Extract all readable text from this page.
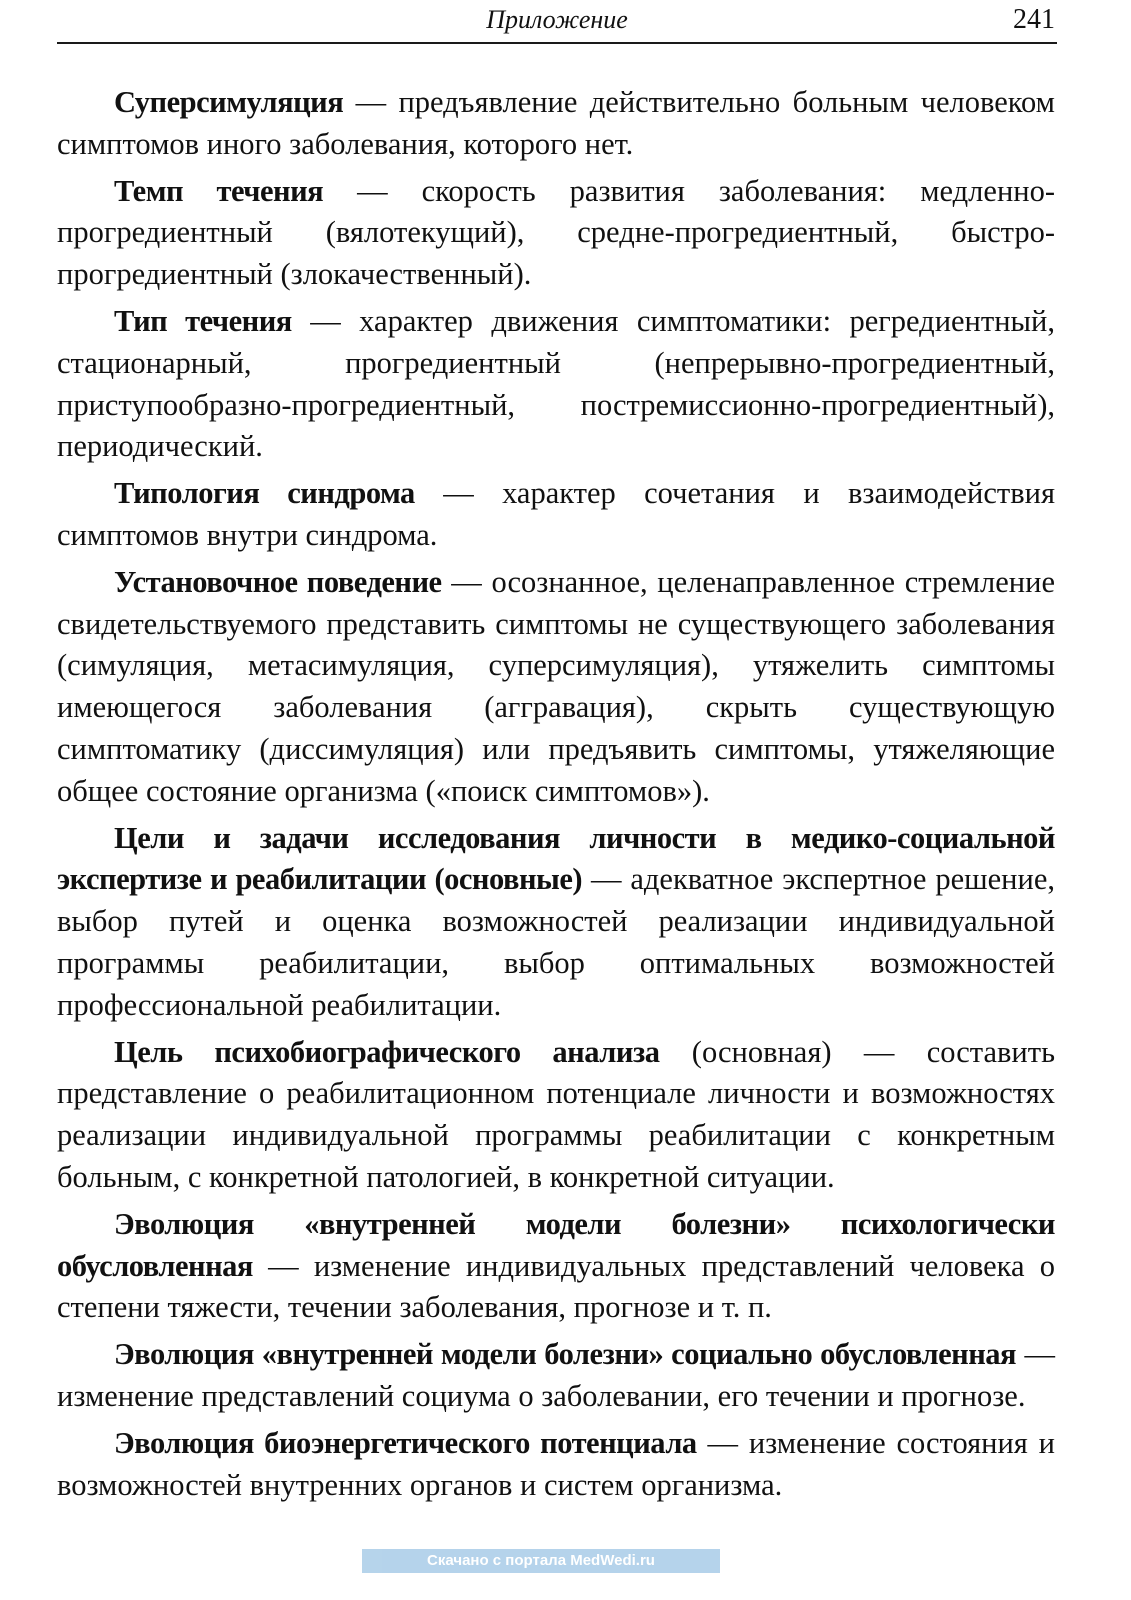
Приложение	241

Суперсимуляция — предъявление действительно больным человеком симптомов иного заболевания, которого нет.

Темп течения — скорость развития заболевания: медленно-прогредиентный (вялотекущий), средне-прогредиентный, быстро-прогредиентный (злокачественный).

Тип течения — характер движения симптоматики: регредиентный, стационарный, прогредиентный (непрерывно-прогредиентный, приступообразно-прогредиентный, постремиссионно-прогредиентный), периодический.

Типология синдрома — характер сочетания и взаимодействия симптомов внутри синдрома.

Установочное поведение — осознанное, целенаправленное стремление свидетельствуемого представить симптомы не существующего заболевания (симуляция, метасимуляция, суперсимуляция), утяжелить симптомы имеющегося заболевания (аггравация), скрыть существующую симптоматику (диссимуляция) или предъявить симптомы, утяжеляющие общее состояние организма («поиск симптомов»).

Цели и задачи исследования личности в медико-социальной экспертизе и реабилитации (основные) — адекватное экспертное решение, выбор путей и оценка возможностей реализации индивидуальной программы реабилитации, выбор оптимальных возможностей профессиональной реабилитации.

Цель психобиографического анализа (основная) — составить представление о реабилитационном потенциале личности и возможностях реализации индивидуальной программы реабилитации с конкретным больным, с конкретной патологией, в конкретной ситуации.

Эволюция «внутренней модели болезни» психологически обусловленная — изменение индивидуальных представлений человека о степени тяжести, течении заболевания, прогнозе и т. п.

Эволюция «внутренней модели болезни» социально обусловленная — изменение представлений социума о заболевании, его течении и прогнозе.

Эволюция биоэнергетического потенциала — изменение состояния и возможностей внутренних органов и систем организма.

Скачано с портала MedWedi.ru
